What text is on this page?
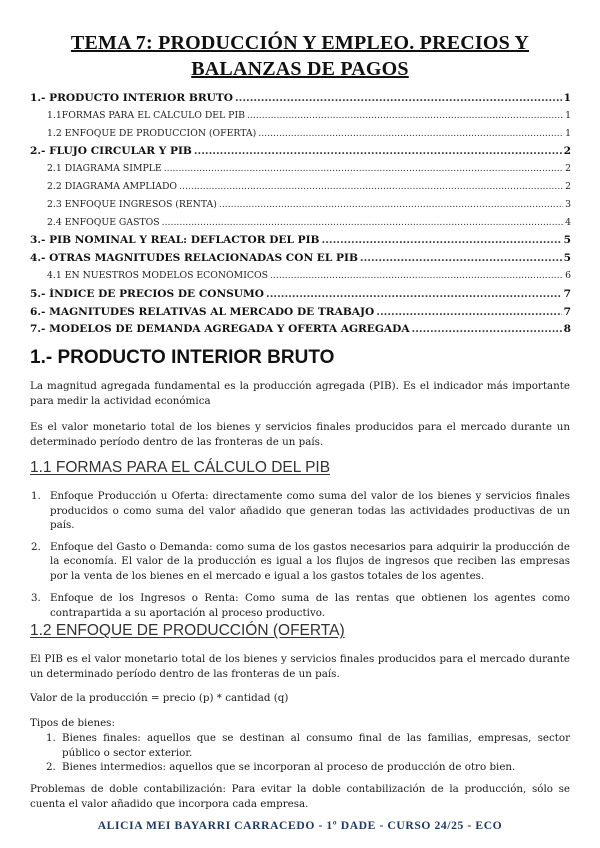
TEMA 7: PRODUCCIÓN Y EMPLEO. PRECIOS Y BALANZAS DE PAGOS
1.- PRODUCTO INTERIOR BRUTO .....	1
1.1FORMAS PARA EL CÁLCULO DEL PIB .....	1
1.2 ENFOQUE DE PRODUCCIÓN (OFERTA) .....	1
2.- FLUJO CIRCULAR Y PIB .....	2
2.1 DIAGRAMA SIMPLE .....	2
2.2 DIAGRAMA AMPLIADO .....	2
2.3 ENFOQUE INGRESOS (RENTA) .....	3
2.4 ENFOQUE GASTOS .....	4
3.- PIB NOMINAL Y REAL: DEFLACTOR DEL PIB .....	5
4.- OTRAS MAGNITUDES RELACIONADAS CON EL PIB .....	5
4.1 EN NUESTROS MODELOS ECONÓMICOS .....	6
5.- ÍNDICE DE PRECIOS DE CONSUMO .....	7
6.- MAGNITUDES RELATIVAS AL MERCADO DE TRABAJO .....	7
7.- MODELOS DE DEMANDA AGREGADA Y OFERTA AGREGADA .....	8
1.- PRODUCTO INTERIOR BRUTO
La magnitud agregada fundamental es la producción agregada (PIB). Es el indicador más importante para medir la actividad económica
Es el valor monetario total de los bienes y servicios finales producidos para el mercado durante un determinado período dentro de las fronteras de un país.
1.1 FORMAS PARA EL CÁLCULO DEL PIB
1. Enfoque Producción u Oferta: directamente como suma del valor de los bienes y servicios finales producidos o como suma del valor añadido que generan todas las actividades productivas de un país.
2. Enfoque del Gasto o Demanda: como suma de los gastos necesarios para adquirir la producción de la economía. El valor de la producción es igual a los flujos de ingresos que reciben las empresas por la venta de los bienes en el mercado e igual a los gastos totales de los agentes.
3. Enfoque de los Ingresos o Renta: Como suma de las rentas que obtienen los agentes como contrapartida a su aportación al proceso productivo.
1.2 ENFOQUE DE PRODUCCIÓN (OFERTA)
El PIB es el valor monetario total de los bienes y servicios finales producidos para el mercado durante un determinado período dentro de las fronteras de un país.
Valor de la producción = precio (p) * cantidad (q)
Tipos de bienes:
1. Bienes finales: aquellos que se destinan al consumo final de las familias, empresas, sector público o sector exterior.
2. Bienes intermedios: aquellos que se incorporan al proceso de producción de otro bien.
Problemas de doble contabilización: Para evitar la doble contabilización de la producción, sólo se cuenta el valor añadido que incorpora cada empresa.
ALICIA MEI BAYARRI CARRACEDO - 1º DADE - CURSO 24/25 - ECO
